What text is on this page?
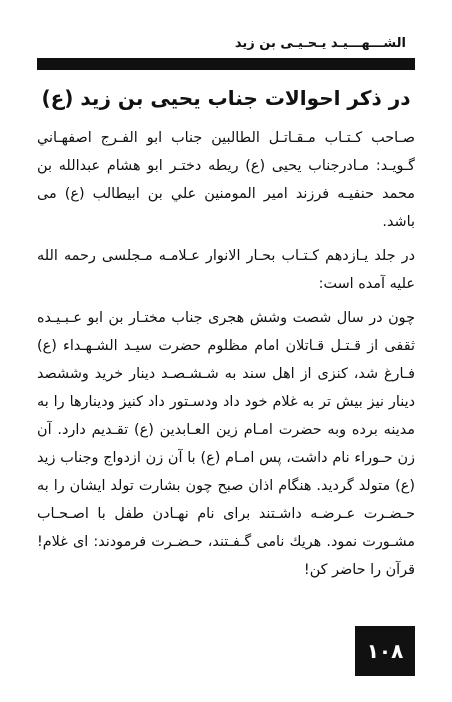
الشـــهـــيـد يـحـيـى بن زيد
در ذكر احوالات جناب يحيى بن زيد (ع)

صـاحب كـتـاب مـقـاتـل الطالبين جناب ابو الفـرج اصفهـاني گـويـد: مـادرجناب يحيى (ع) ريطه دختـر ابو هشام عبدالله بن محمد حنفيـه فرزند امير المومنين علي بن ابيطالب (ع) مى باشد.

در جلد يـازدهم كـتـاب بحـار الانوار عـلامـه مـجلسى رحمه الله عليه آمده است:

چون در سال شصت وشش هجرى جناب مختـار بن ابو عـبـيـده ثقفى از قـتـل قـاتلان امام مظلوم حضرت سيـد الشـهـداء (ع) فـارغ شد، كنزى از اهل سند به شـشـصـد دينار خريد وششصد دينار نيز بيش تر به غلام خود داد ودسـتور داد كنيز ودينارها را به مدينه برده وبه حضرت امـام زين العـابدين (ع) تقـديم دارد. آن زن حـوراء نام داشت، پس امـام (ع) با آن زن ازدواج وجناب زيد (ع) متولد گرديد. هنگام اذان صبح چون بشارت تولد ايشان را به حـضـرت عـرضـه داشـتند براى نام نهـادن طفل با اصـحـاب مشـورت نمود. هريك نامى گـفـتند، حـضـرت فرمودند: اى غلام! قرآن را حاضر كن!

١٠٨
